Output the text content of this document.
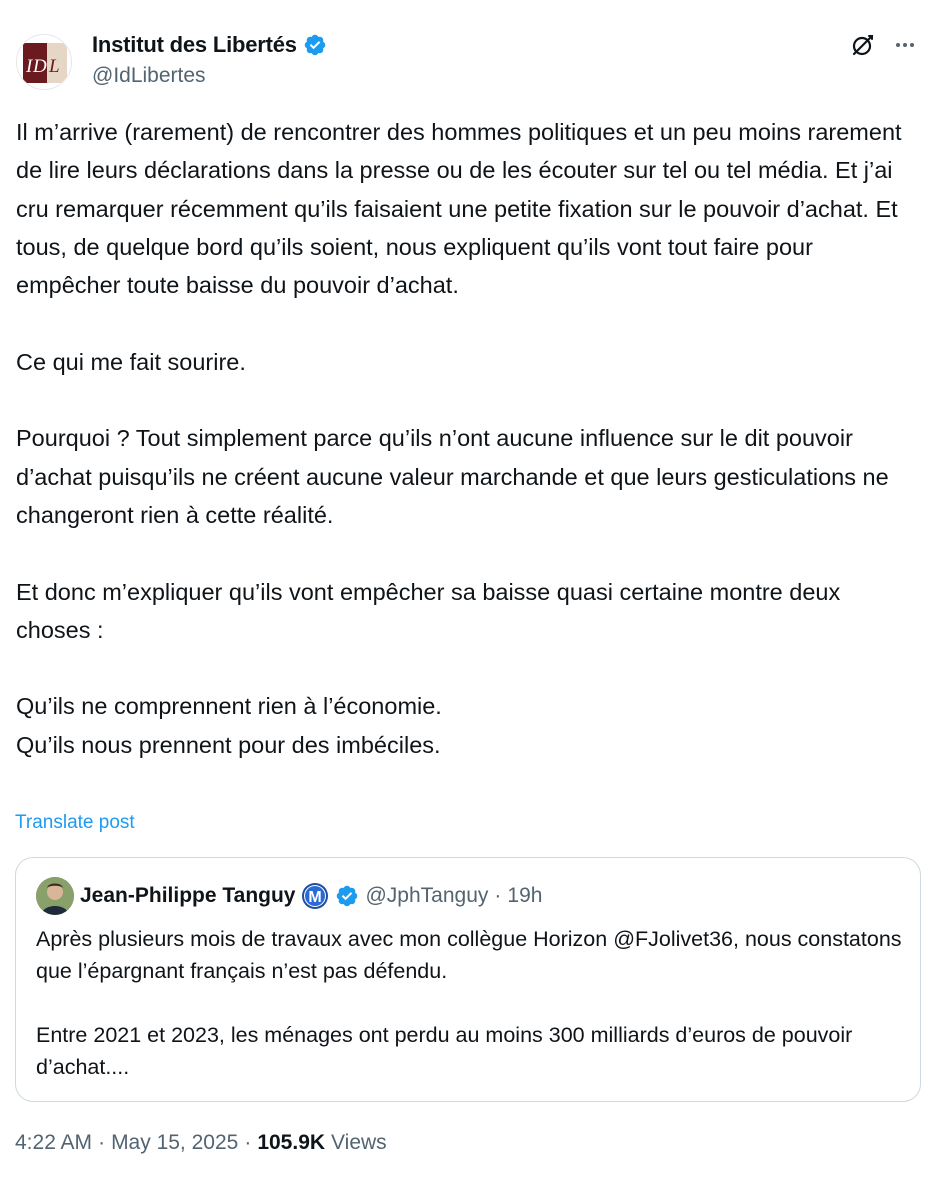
I D L
Institut des Libertés
@IdLibertes
Il m’arrive (rarement) de rencontrer des hommes politiques et un peu moins rarement de lire leurs déclarations dans la presse ou de les écouter sur tel ou tel média. Et j’ai cru remarquer récemment qu’ils faisaient une petite fixation sur le pouvoir d’achat. Et tous, de quelque bord qu’ils soient, nous expliquent qu’ils vont tout faire pour empêcher toute baisse du pouvoir d’achat.

Ce qui me fait sourire.

Pourquoi ? Tout simplement parce qu’ils n’ont aucune influence sur le dit pouvoir d’achat puisqu’ils ne créent aucune valeur marchande et que leurs gesticulations ne changeront rien à cette réalité.

Et donc m’expliquer qu’ils vont empêcher sa baisse quasi certaine montre deux choses :

Qu’ils ne comprennent rien à l’économie.
Qu’ils nous prennent pour des imbéciles.
Translate post
Jean-Philippe Tanguy M @JphTanguy · 19h
Après plusieurs mois de travaux avec mon collègue Horizon @FJolivet36, nous constatons que l’épargnant français n’est pas défendu.

Entre 2021 et 2023, les ménages ont perdu au moins 300 milliards d’euros de pouvoir d’achat....
4:22 AM · May 15, 2025 · 105.9K Views
